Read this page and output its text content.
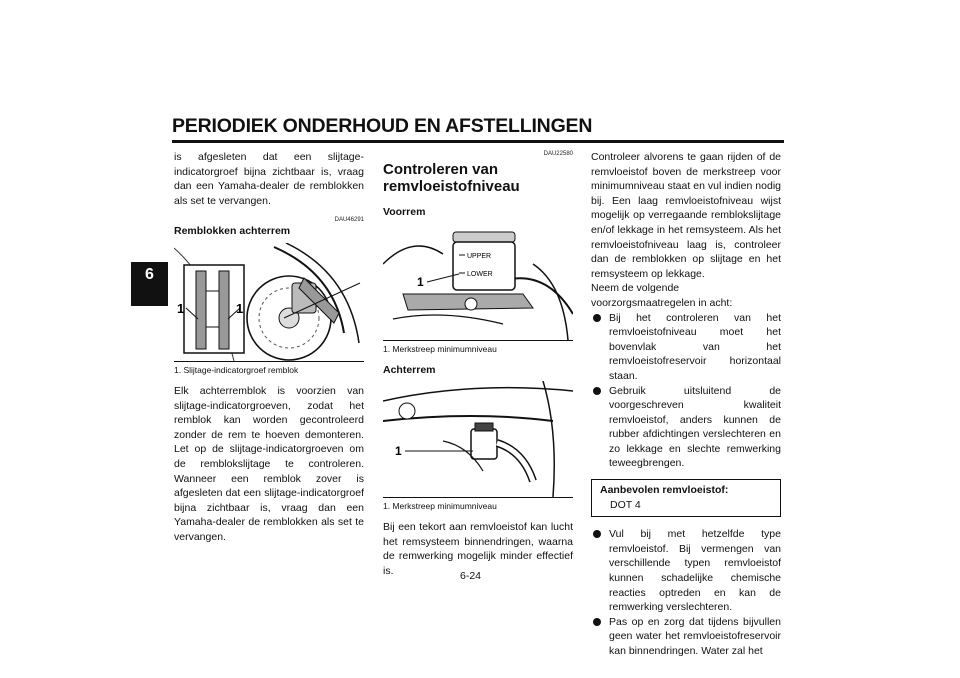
PERIODIEK ONDERHOUD EN AFSTELLINGEN
6

is afgesleten dat een slijtage-indicatorgroef bijna zichtbaar is, vraag dan een Yamaha-dealer de remblokken als set te vervangen.

DAU46291
Remblokken achterrem
1	1
1. Slijtage-indicatorgroef remblok

Elk achterremblok is voorzien van slijtage-indicatorgroeven, zodat het remblok kan worden gecontroleerd zonder de rem te hoeven demonteren. Let op de slijtage-indicatorgroeven om de remblokslijtage te controleren. Wanneer een remblok zover is afgesleten dat een slijtage-indicatorgroef bijna zichtbaar is, vraag dan een Yamaha-dealer de remblokken als set te vervangen.

DAU22580
Controleren van remvloeistofniveau
Voorrem
UPPER
LOWER
1
1. Merkstreep minimumniveau
Achterrem
1
1. Merkstreep minimumniveau

Bij een tekort aan remvloeistof kan lucht het remsysteem binnendringen, waarna de remwerking mogelijk minder effectief is.

Controleer alvorens te gaan rijden of de remvloeistof boven de merkstreep voor minimumniveau staat en vul indien nodig bij. Een laag remvloeistofniveau wijst mogelijk op verregaande remblokslijtage en/of lekkage in het remsysteem. Als het remvloeistofniveau laag is, controleer dan de remblokken op slijtage en het remsysteem op lekkage.

Neem de volgende voorzorgsmaatregelen in acht:

Bij het controleren van het remvloeistofniveau moet het bovenvlak van het remvloeistofreservoir horizontaal staan.
Gebruik uitsluitend de voorgeschreven kwaliteit remvloeistof, anders kunnen de rubber afdichtingen verslechteren en zo lekkage en slechte remwerking teweegbrengen.
Aanbevolen remvloeistof:
DOT 4
Vul bij met hetzelfde type remvloeistof. Bij vermengen van verschillende typen remvloeistof kunnen schadelijke chemische reacties optreden en kan de remwerking verslechteren.
Pas op en zorg dat tijdens bijvullen geen water het remvloeistofreservoir kan binnendringen. Water zal het
6-24
